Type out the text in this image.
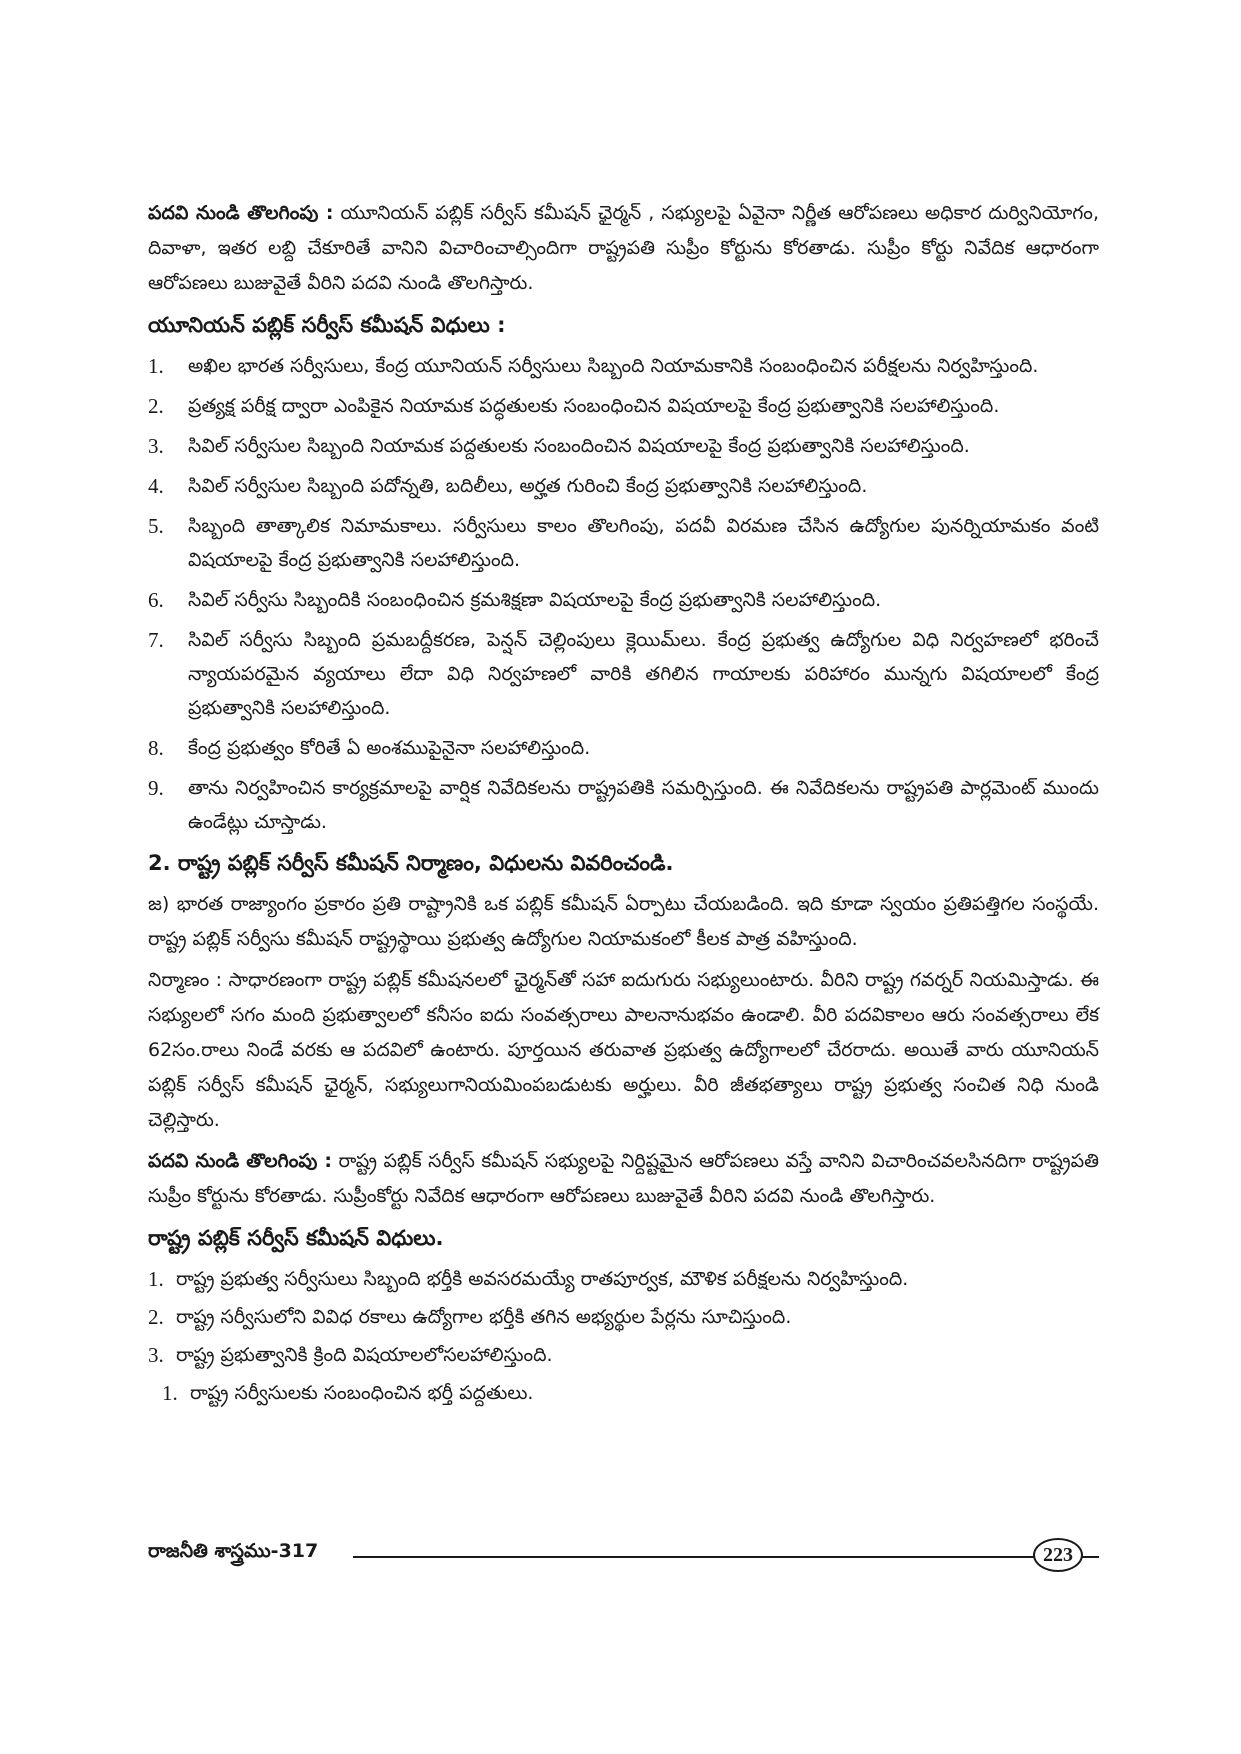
పదవి నుండి తొలగింపు : యూనియన్ పబ్లిక్ సర్వీస్ కమీషన్ ఛైర్మన్ , సభ్యులపై ఏవైనా నిర్ణీత ఆరోపణలు అధికార దుర్వినియోగం, దివాళా, ఇతర లబ్ది చేకూరితే వానిని విచారించాల్సిందిగా రాష్ట్రపతి సుప్రీం కోర్టును కోరతాడు. సుప్రీం కోర్టు నివేదిక ఆధారంగా ఆరోపణలు బుజువైతే వీరిని పదవి నుండి తొలగిస్తారు.

యూనియన్ పబ్లిక్ సర్వీస్ కమీషన్ విధులు :
1.	అఖిల భారత సర్వీసులు, కేంద్ర యూనియన్ సర్వీసులు సిబ్బంది నియామకానికి సంబంధించిన పరీక్షలను నిర్వహిస్తుంది.
2.	ప్రత్యక్ష పరీక్ష ద్వారా ఎంపికైన నియామక పద్ధతులకు సంబంధించిన విషయాలపై కేంద్ర ప్రభుత్వానికి సలహాలిస్తుంది.
3.	సివిల్ సర్వీసుల సిబ్బంది నియామక పద్దతులకు సంబందించిన విషయాలపై కేంద్ర ప్రభుత్వానికి సలహాలిస్తుంది.
4.	సివిల్ సర్వీసుల సిబ్బంది పదోన్నతి, బదిలీలు, అర్హత గురించి కేంద్ర ప్రభుత్వానికి సలహాలిస్తుంది.
5.	సిబ్బంది తాత్కాలిక నిమామకాలు. సర్వీసులు కాలం తొలగింపు, పదవీ విరమణ చేసిన ఉద్యోగుల పునర్నియామకం వంటి విషయాలపై కేంద్ర ప్రభుత్వానికి సలహాలిస్తుంది.
6.	సివిల్ సర్వీసు సిబ్బందికి సంబంధించిన క్రమశిక్షణా విషయాలపై కేంద్ర ప్రభుత్వానికి సలహాలిస్తుంది.
7.	సివిల్ సర్వీసు సిబ్బంది ప్రమబద్దీకరణ, పెన్షన్ చెల్లింపులు క్లెయిమ్‌లు. కేంద్ర ప్రభుత్వ ఉద్యోగుల విధి నిర్వహణలో భరించే న్యాయపరమైన వ్యయాలు లేదా విధి నిర్వహణలో వారికి తగిలిన గాయాలకు పరిహారం మున్నగు విషయాలలో కేంద్ర ప్రభుత్వానికి సలహాలిస్తుంది.
8.	కేంద్ర ప్రభుత్వం కోరితే ఏ అంశముపైనైనా సలహాలిస్తుంది.
9.	తాను నిర్వహించిన కార్యక్రమాలపై వార్షిక నివేదికలను రాష్ట్రపతికి సమర్పిస్తుంది. ఈ నివేదికలను రాష్ట్రపతి పార్లమెంట్ ముందు ఉండేట్లు చూస్తాడు.
2. రాష్ట్ర పబ్లిక్ సర్వీస్ కమీషన్ నిర్మాణం, విధులను వివరించండి.

జ) భారత రాజ్యాంగం ప్రకారం ప్రతి రాష్ట్రానికి ఒక పబ్లిక్ కమీషన్ ఏర్పాటు చేయబడింది. ఇది కూడా స్వయం ప్రతిపత్తిగల సంస్థయే. రాష్ట్ర పబ్లిక్ సర్వీసు కమీషన్ రాష్ట్రస్థాయి ప్రభుత్వ ఉద్యోగుల నియామకంలో కీలక పాత్ర వహిస్తుంది.

నిర్మాణం : సాధారణంగా రాష్ట్ర పబ్లిక్ కమీషనలలో ఛైర్మన్‌తో సహా ఐదుగురు సభ్యులుంటారు. వీరిని రాష్ట్ర గవర్నర్ నియమిస్తాడు. ఈ సభ్యులలో సగం మంది ప్రభుత్వాలలో కనీసం ఐదు సంవత్సరాలు పాలనానుభవం ఉండాలి. వీరి పదవికాలం ఆరు సంవత్సరాలు లేక 62సం.రాలు నిండే వరకు ఆ పదవిలో ఉంటారు. పూర్తయిన తరువాత ప్రభుత్వ ఉద్యోగాలలో చేరరాదు. అయితే వారు యూనియన్ పబ్లిక్ సర్వీస్ కమీషన్ ఛైర్మన్, సభ్యులుగానియమింపబడుటకు అర్హులు. వీరి జీతభత్యాలు రాష్ట్ర ప్రభుత్వ సంచిత నిధి నుండి చెల్లిస్తారు.

పదవి నుండి తొలగింపు : రాష్ట్ర పబ్లిక్ సర్వీస్ కమీషన్ సభ్యులపై నిర్దిష్టమైన ఆరోపణలు వస్తే వానిని విచారించవలసినదిగా రాష్ట్రపతి సుప్రీం కోర్టును కోరతాడు. సుప్రీంకోర్టు నివేదిక ఆధారంగా ఆరోపణలు బుజువైతే వీరిని పదవి నుండి తొలగిస్తారు.

రాష్ట్ర పబ్లిక్ సర్వీస్ కమీషన్ విధులు.
1. రాష్ట్ర ప్రభుత్వ సర్వీసులు సిబ్బంది భర్తీకి అవసరమయ్యే రాతపూర్వక, మౌళిక పరీక్షలను నిర్వహిస్తుంది.
2. రాష్ట్ర సర్వీసులోని వివిధ రకాలు ఉద్యోగాల భర్తీకి తగిన అభ్యర్థుల పేర్లను సూచిస్తుంది.
3. రాష్ట్ర ప్రభుత్వానికి క్రింది విషయాలలోసలహాలిస్తుంది.
1. రాష్ట్ర సర్వీసులకు సంబంధించిన భర్తీ పద్దతులు.
రాజనీతి శాస్త్రము-317	223
